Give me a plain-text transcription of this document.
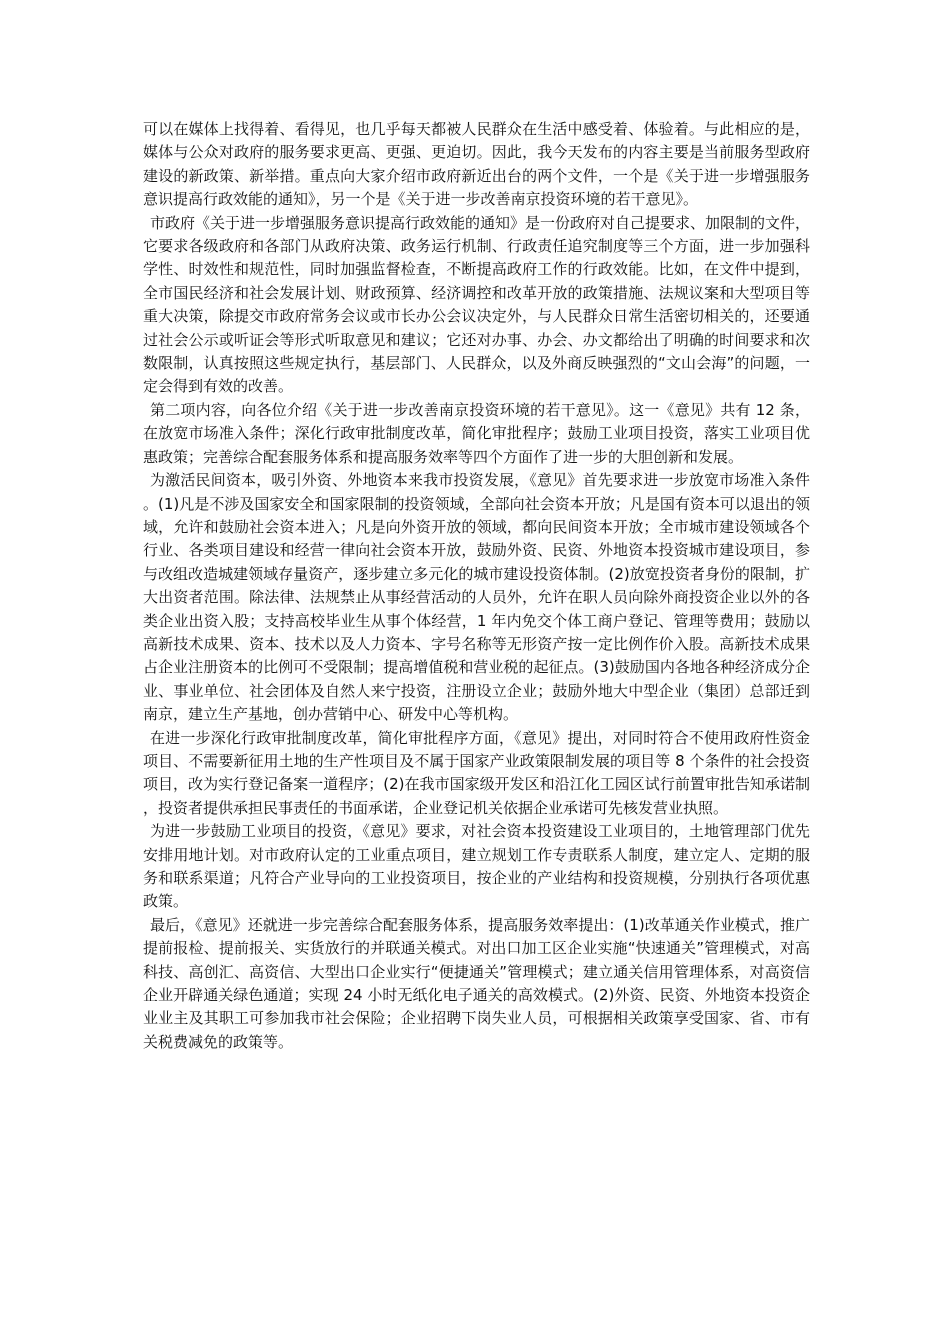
可以在媒体上找得着、看得见，也几乎每天都被人民群众在生活中感受着、体验着。与此相应的是，媒体与公众对政府的服务要求更高、更强、更迫切。因此，我今天发布的内容主要是当前服务型政府建设的新政策、新举措。重点向大家介绍市政府新近出台的两个文件，一个是《关于进一步增强服务意识提高行政效能的通知》，另一个是《关于进一步改善南京投资环境的若干意见》。

市政府《关于进一步增强服务意识提高行政效能的通知》是一份政府对自己提要求、加限制的文件，它要求各级政府和各部门从政府决策、政务运行机制、行政责任追究制度等三个方面，进一步加强科学性、时效性和规范性，同时加强监督检查，不断提高政府工作的行政效能。比如，在文件中提到，全市国民经济和社会发展计划、财政预算、经济调控和改革开放的政策措施、法规议案和大型项目等重大决策，除提交市政府常务会议或市长办公会议决定外，与人民群众日常生活密切相关的，还要通过社会公示或听证会等形式听取意见和建议；它还对办事、办会、办文都给出了明确的时间要求和次数限制，认真按照这些规定执行，基层部门、人民群众，以及外商反映强烈的“文山会海”的问题，一定会得到有效的改善。

第二项内容，向各位介绍《关于进一步改善南京投资环境的若干意见》。这一《意见》共有 12 条，在放宽市场准入条件；深化行政审批制度改革，简化审批程序；鼓励工业项目投资，落实工业项目优惠政策；完善综合配套服务体系和提高服务效率等四个方面作了进一步的大胆创新和发展。

为激活民间资本，吸引外资、外地资本来我市投资发展，《意见》首先要求进一步放宽市场准入条件。(1)凡是不涉及国家安全和国家限制的投资领域，全部向社会资本开放；凡是国有资本可以退出的领域，允许和鼓励社会资本进入；凡是向外资开放的领域，都向民间资本开放；全市城市建设领域各个行业、各类项目建设和经营一律向社会资本开放，鼓励外资、民资、外地资本投资城市建设项目，参与改组改造城建领域存量资产，逐步建立多元化的城市建设投资体制。(2)放宽投资者身份的限制，扩大出资者范围。除法律、法规禁止从事经营活动的人员外，允许在职人员向除外商投资企业以外的各类企业出资入股；支持高校毕业生从事个体经营，1 年内免交个体工商户登记、管理等费用；鼓励以高新技术成果、资本、技术以及人力资本、字号名称等无形资产按一定比例作价入股。高新技术成果占企业注册资本的比例可不受限制；提高增值税和营业税的起征点。(3)鼓励国内各地各种经济成分企业、事业单位、社会团体及自然人来宁投资，注册设立企业；鼓励外地大中型企业（集团）总部迁到南京，建立生产基地，创办营销中心、研发中心等机构。

在进一步深化行政审批制度改革，简化审批程序方面，《意见》提出，对同时符合不使用政府性资金项目、不需要新征用土地的生产性项目及不属于国家产业政策限制发展的项目等 8 个条件的社会投资项目，改为实行登记备案一道程序；(2)在我市国家级开发区和沿江化工园区试行前置审批告知承诺制，投资者提供承担民事责任的书面承诺，企业登记机关依据企业承诺可先核发营业执照。

为进一步鼓励工业项目的投资，《意见》要求，对社会资本投资建设工业项目的，土地管理部门优先安排用地计划。对市政府认定的工业重点项目，建立规划工作专责联系人制度，建立定人、定期的服务和联系渠道；凡符合产业导向的工业投资项目，按企业的产业结构和投资规模，分别执行各项优惠政策。

最后，《意见》还就进一步完善综合配套服务体系，提高服务效率提出：(1)改革通关作业模式，推广提前报检、提前报关、实货放行的并联通关模式。对出口加工区企业实施“快速通关”管理模式，对高科技、高创汇、高资信、大型出口企业实行“便捷通关”管理模式；建立通关信用管理体系，对高资信企业开辟通关绿色通道；实现 24 小时无纸化电子通关的高效模式。(2)外资、民资、外地资本投资企业业主及其职工可参加我市社会保险；企业招聘下岗失业人员，可根据相关政策享受国家、省、市有关税费减免的政策等。
